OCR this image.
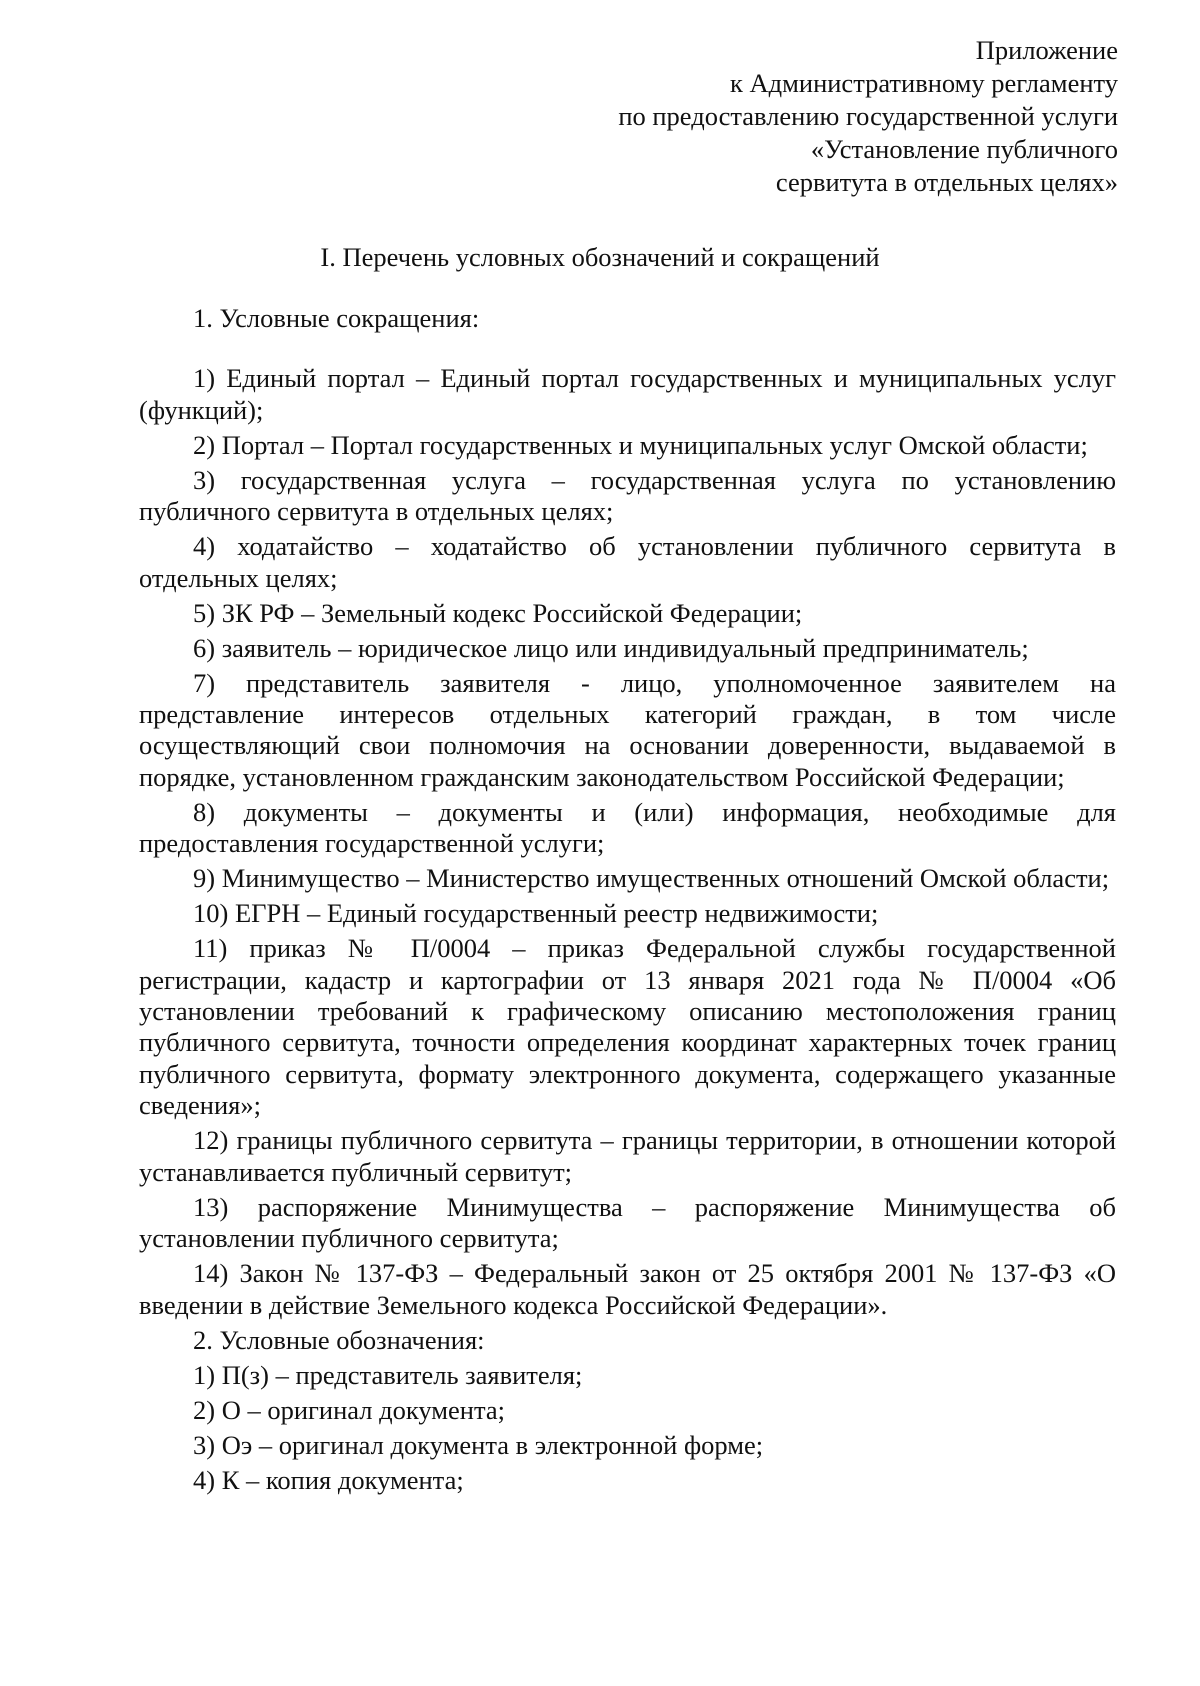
Приложение
к Административному регламенту
по предоставлению государственной услуги
«Установление публичного
сервитута в отдельных целях»
I. Перечень условных обозначений и сокращений

1. Условные сокращения:

1) Единый портал – Единый портал государственных и муниципальных услуг (функций);

2) Портал – Портал государственных и муниципальных услуг Омской области;

3) государственная услуга – государственная услуга по установлению публичного сервитута в отдельных целях;

4) ходатайство – ходатайство об установлении публичного сервитута в отдельных целях;

5) ЗК РФ – Земельный кодекс Российской Федерации;

6) заявитель – юридическое лицо или индивидуальный предприниматель;

7) представитель заявителя - лицо, уполномоченное заявителем на представление интересов отдельных категорий граждан, в том числе осуществляющий свои полномочия на основании доверенности, выдаваемой в порядке, установленном гражданским законодательством Российской Федерации;

8) документы – документы и (или) информация, необходимые для предоставления государственной услуги;

9) Минимущество – Министерство имущественных отношений Омской области;

10) ЕГРН – Единый государственный реестр недвижимости;

11) приказ № П/0004 – приказ Федеральной службы государственной регистрации, кадастр и картографии от 13 января 2021 года № П/0004 «Об установлении требований к графическому описанию местоположения границ публичного сервитута, точности определения координат характерных точек границ публичного сервитута, формату электронного документа, содержащего указанные сведения»;

12) границы публичного сервитута – границы территории, в отношении которой устанавливается публичный сервитут;

13) распоряжение Минимущества – распоряжение Минимущества об установлении публичного сервитута;

14) Закон № 137-ФЗ – Федеральный закон от 25 октября 2001 № 137-ФЗ «О введении в действие Земельного кодекса Российской Федерации».

2. Условные обозначения:

1) П(з) – представитель заявителя;

2) О – оригинал документа;

3) Оэ – оригинал документа в электронной форме;

4) К – копия документа;
